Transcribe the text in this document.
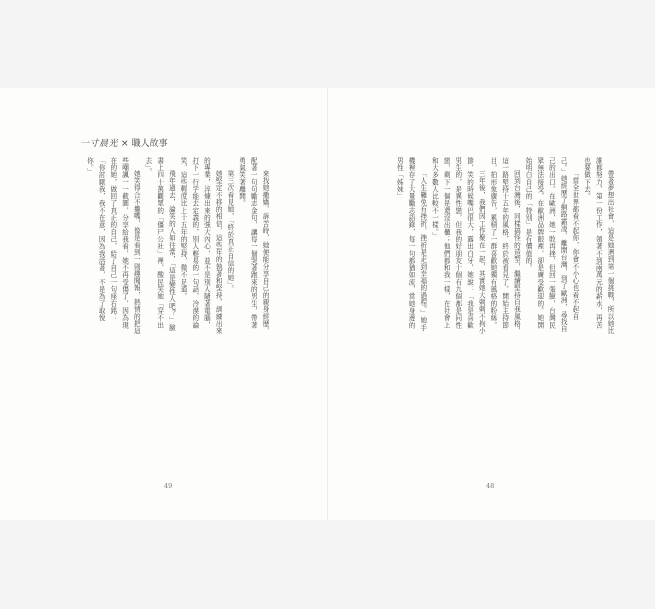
一寸晨光 × 職人故事
來找她撒嬌、訴苦時，她便能分享自己的親身經歷，配著一句句勵志金句，讓每一個哭著跑來的男生，帶著勇氣笑著離開。
第三次看見她，「終於真正自信的她」。
她堅定不移的相信，這些年的執著和堅持，訓練出來的專業，淬煉出來的強大內心，並不是別人隨著電腦，打下一行字能去定義的，別人輕易的一句話，冷漠的論笑，這些輕度比上十五年的堅持，微不足道。
飛年過去，論笑的人如往常，「這是變性人吧？」臉書上四十萬觀眾的「僵尸公社」裡，酸民笑她「穿不出去」。
她笑得合不攏嘴，像是看到一則趣聞報，熱情的把這些嘲諷一一截圖，分享給我看，她不再受傷了，因為現在的她，做回了真正的自己，給了自己一句座右銘：「你討厭我，我不在意，因為我活著，不是為了取悅你。」
帶著夢想出社會，這是她遇到第一個挑戰，所以她比誰都努力，第一份工作，領著不到兩萬元的薪水，再苦也要做下去。
「當全世界都看不起你，你會不小心也看不起自己。」她經歷了網路霸凌，離開台灣，到了歐洲，尋找自己的出口。在歐洲，她一敗再挫，但回一張臉，台灣民眾無法接受，在歐洲品牌眼裡，卻是廣受歡迎的。她開始明白自己的「特別」是有價值的。
回到台灣後，同樣搞怪的造型，繼續堅持自我風格，這一路堅持十五年的風格，終於被看見了，開始主持節目，拍形象廣告，累積了一群喜歡她獨有風格的粉絲。
三年後，我們因工作聚在一起，其實她大剌剌不拘小節，笑的時候嘴巴很大，露出白牙，她說：「我是喜歡男生的，是異性戀，但我的好朋友十個有九個都是同性戀，剩下一個是還沒出櫃；他們都和我一樣，在社會上和大多數人比較不一樣。」
「人生難免有挫折，挫折是走到幸福的過程。」她手機裡存了大量勵志語錄，每一句都猶如流，當她身邊的男性「姊妹」
49	48
